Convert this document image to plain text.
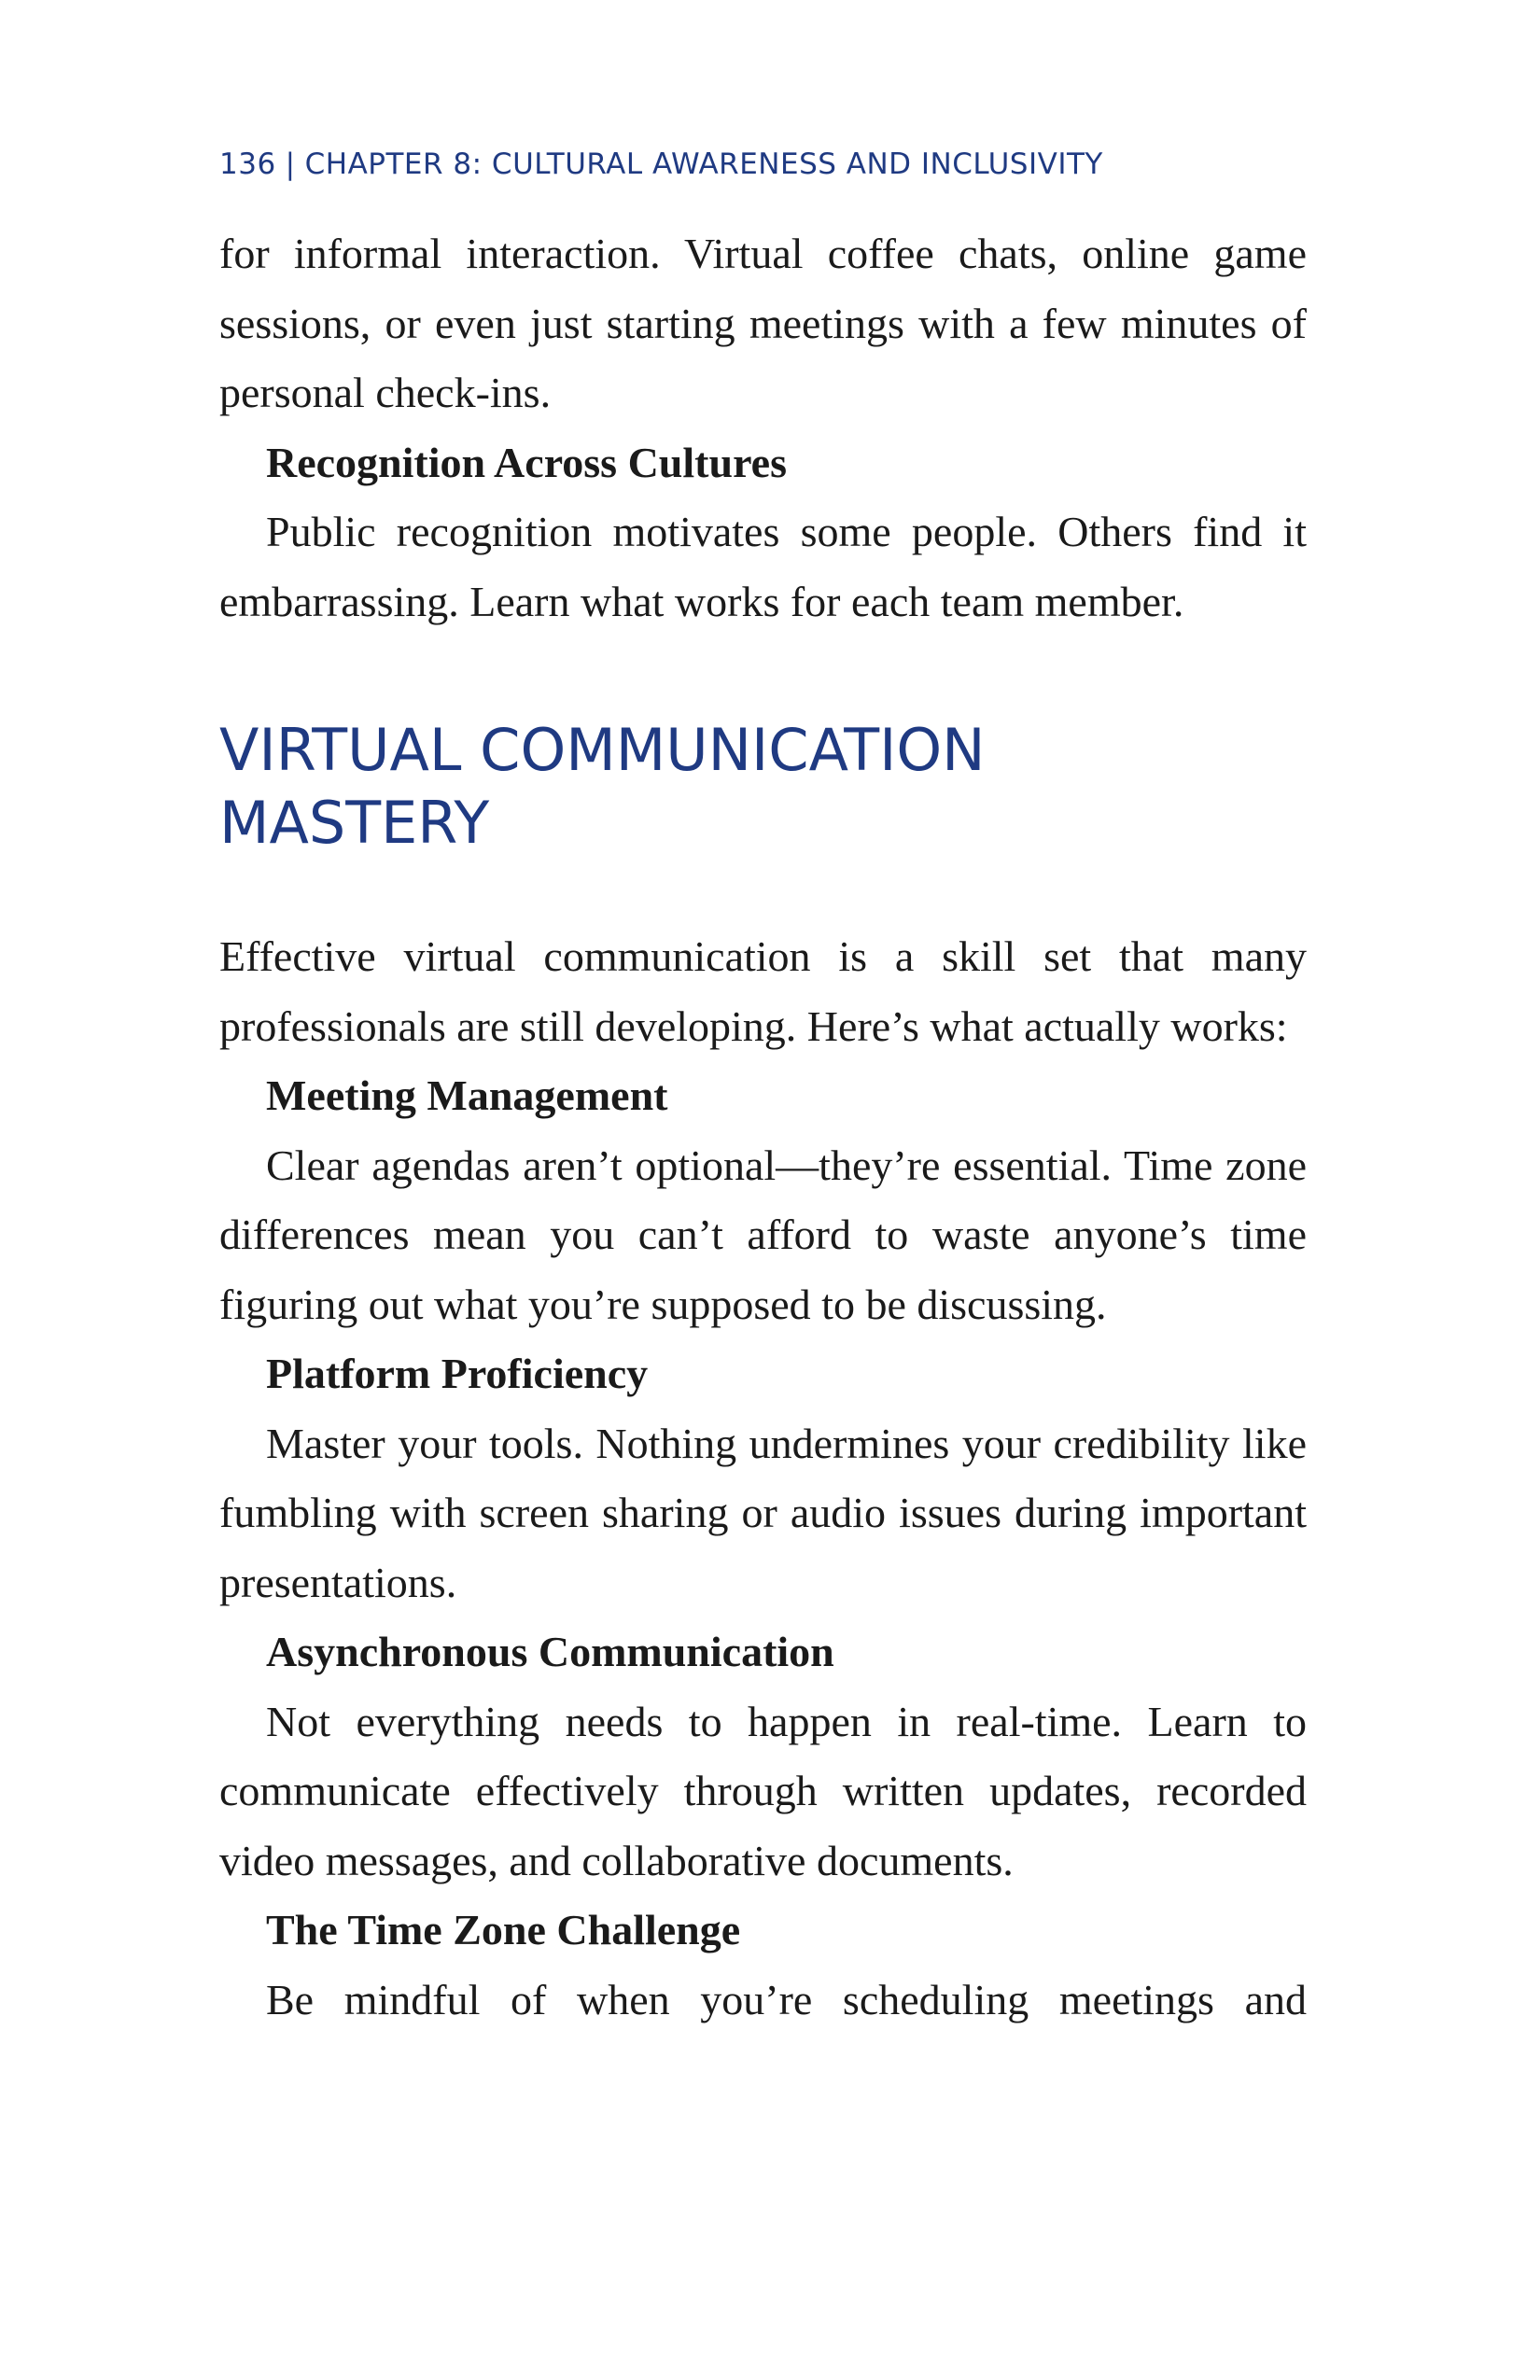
136 | CHAPTER 8: CULTURAL AWARENESS AND INCLUSIVITY

for informal interaction. Virtual coffee chats, online game sessions, or even just starting meetings with a few minutes of personal check-ins.

Recognition Across Cultures

Public recognition motivates some people. Others find it embarrassing. Learn what works for each team member.

VIRTUAL COMMUNICATION
MASTERY

Effective virtual communication is a skill set that many professionals are still developing. Here’s what actually works:

Meeting Management

Clear agendas aren’t optional—they’re essential. Time zone differences mean you can’t afford to waste anyone’s time figuring out what you’re supposed to be discussing.

Platform Proficiency

Master your tools. Nothing undermines your credibility like fumbling with screen sharing or audio issues during important presentations.

Asynchronous Communication

Not everything needs to happen in real-time. Learn to communicate effectively through written updates, recorded video messages, and collaborative documents.

The Time Zone Challenge

Be mindful of when you’re scheduling meetings and
